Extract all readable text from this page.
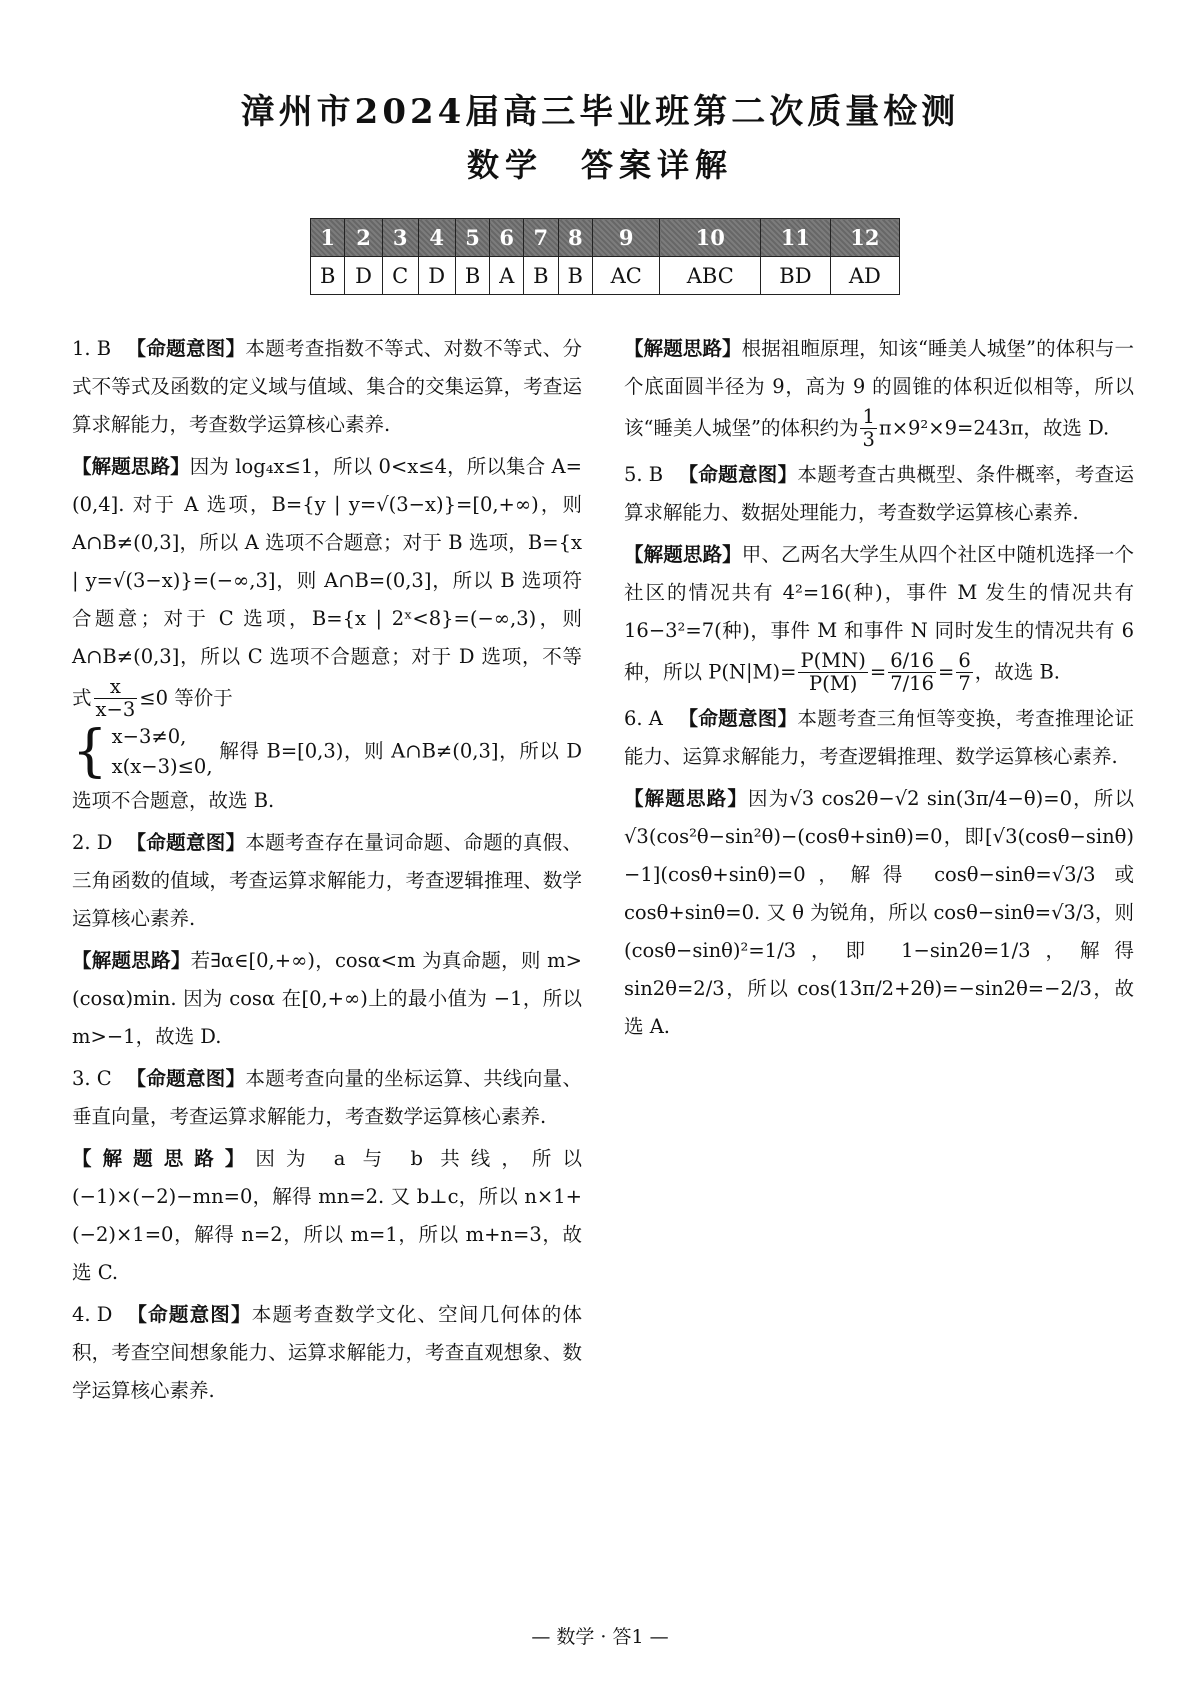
漳州市2024届高三毕业班第二次质量检测
数学 答案详解
1	2	3	4	5	6	7	8	9	10	11	12
B	D	C	D	B	A	B	B	AC	ABC	BD	AD
1. B 【命题意图】本题考查指数不等式、对数不等式、分式不等式及函数的定义域与值域、集合的交集运算，考查运算求解能力，考查数学运算核心素养.
【解题思路】因为 log₄x≤1，所以 0<x≤4，所以集合 A=(0,4]. 对于 A 选项，B={y | y=√(3−x)}=[0,+∞)，则 A∩B≠(0,3]，所以 A 选项不合题意；对于 B 选项，B={x | y=√(3−x)}=(−∞,3]，则 A∩B=(0,3]，所以 B 选项符合题意；对于 C 选项，B={x | 2ˣ<8}=(−∞,3)，则 A∩B≠(0,3]，所以 C 选项不合题意；对于 D 选项，不等式 $\frac{x}{x-3} \le 0$ 等价于

{ x−3≠0,
x(x−3)≤0,
解得 B=[0,3)，则 A∩B≠(0,3]，所以 D 选项不合题意，故选 B.
2. D 【命题意图】本题考查存在量词命题、命题的真假、三角函数的值域，考查运算求解能力，考查逻辑推理、数学运算核心素养.
【解题思路】若∃α∈[0,+∞)，cosα<m 为真命题，则 m>(cosα)min. 因为 cosα 在[0,+∞)上的最小值为 −1，所以 m>−1，故选 D.
3. C 【命题意图】本题考查向量的坐标运算、共线向量、垂直向量，考查运算求解能力，考查数学运算核心素养.
【解题思路】因为 a 与 b 共线，所以(−1)×(−2)−mn=0，解得 mn=2. 又 b⊥c，所以 n×1+(−2)×1=0，解得 n=2，所以 m=1，所以 m+n=3，故选 C.
4. D 【命题意图】本题考查数学文化、空间几何体的体积，考查空间想象能力、运算求解能力，考查直观想象、数学运算核心素养.
【解题思路】根据祖暅原理，知该“睡美人城堡”的体积与一个底面圆半径为 9，高为 9 的圆锥的体积近似相等，所以该“睡美人城堡”的体积约为 $\frac{1}{3} \pi\times 9^2\times 9=243\pi$，故选 D.
5. B 【命题意图】本题考查古典概型、条件概率，考查运算求解能力、数据处理能力，考查数学运算核心素养.
【解题思路】甲、乙两名大学生从四个社区中随机选择一个社区的情况共有 4²=16(种)，事件 M 发生的情况共有 16−3²=7(种)，事件 M 和事件 N 同时发生的情况共有 6 种，所以 $P(N|M)= \frac{P(MN)}{P(M)} = \frac{6/16}{7/16} = \frac{6}{7}$ ，故选 B.
6. A 【命题意图】本题考查三角恒等变换，考查推理论证能力、运算求解能力，考查逻辑推理、数学运算核心素养.
【解题思路】因为√3 cos2θ−√2 sin(3π/4−θ)=0，所以√3(cos²θ−sin²θ)−(cosθ+sinθ)=0，即[√3(cosθ−sinθ)−1](cosθ+sinθ)=0，解得 cosθ−sinθ=√3/3 或 cosθ+sinθ=0. 又 θ 为锐角，所以 cosθ−sinθ=√3/3，则 (cosθ−sinθ)²=1/3，即 1−sin2θ=1/3，解得 sin2θ=2/3，所以 cos(13π/2+2θ)=−sin2θ=−2/3，故选 A.
— 数学 · 答1 —
